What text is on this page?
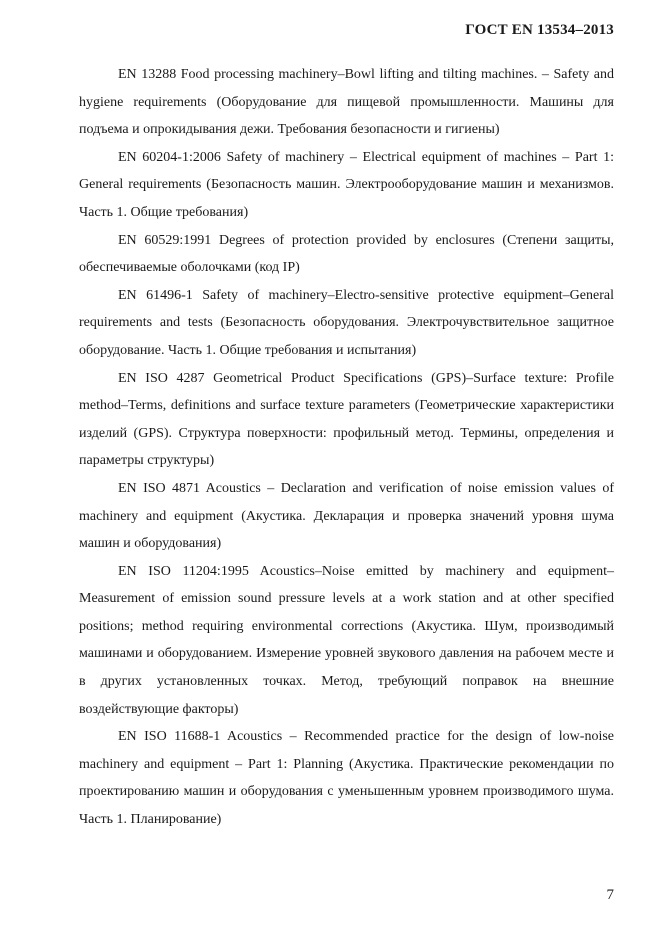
ГОСТ EN 13534–2013

EN 13288 Food processing machinery–Bowl lifting and tilting machines. – Safety and hygiene requirements (Оборудование для пищевой промышленности. Машины для подъема и опрокидывания дежи. Требования безопасности и гигиены)

EN 60204-1:2006 Safety of machinery – Electrical equipment of machines – Part 1: General requirements (Безопасность машин. Электрооборудование машин и механизмов. Часть 1. Общие требования)

EN 60529:1991 Degrees of protection provided by enclosures (Степени защиты, обеспечиваемые оболочками (код IP)

EN 61496-1 Safety of machinery–Electro-sensitive protective equipment–General requirements and tests (Безопасность оборудования. Электрочувствительное защитное оборудование. Часть 1. Общие требования и испытания)

EN ISO 4287 Geometrical Product Specifications (GPS)–Surface texture: Profile method–Terms, definitions and surface texture parameters (Геометрические характеристики изделий (GPS). Структура поверхности: профильный метод. Термины, определения и параметры структуры)

EN ISO 4871 Acoustics – Declaration and verification of noise emission values of machinery and equipment (Акустика. Декларация и проверка значений уровня шума машин и оборудования)

EN ISO 11204:1995 Acoustics–Noise emitted by machinery and equipment–Measurement of emission sound pressure levels at a work station and at other specified positions; method requiring environmental corrections (Акустика. Шум, производимый машинами и оборудованием. Измерение уровней звукового давления на рабочем месте и в других установленных точках. Метод, требующий поправок на внешние воздействующие факторы)

EN ISO 11688-1 Acoustics – Recommended practice for the design of low-noise machinery and equipment – Part 1: Planning (Акустика. Практические рекомендации по проектированию машин и оборудования с уменьшенным уровнем производимого шума. Часть 1. Планирование)

7
